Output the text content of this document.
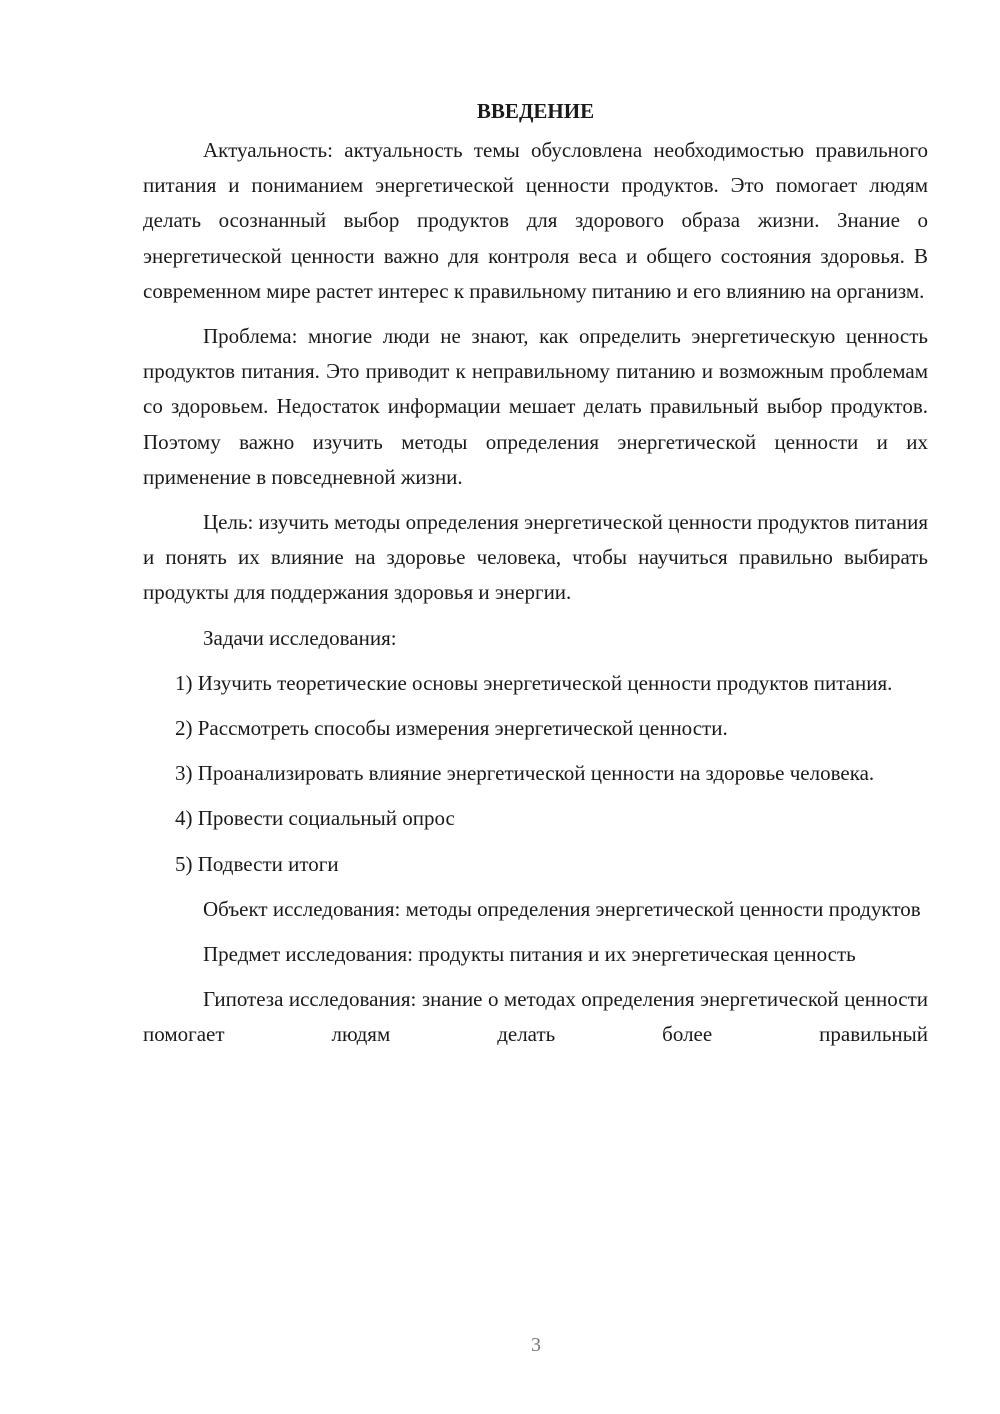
ВВЕДЕНИЕ

Актуальность: актуальность темы обусловлена необходимостью правильного питания и пониманием энергетической ценности продуктов. Это помогает людям делать осознанный выбор продуктов для здорового образа жизни. Знание о энергетической ценности важно для контроля веса и общего состояния здоровья. В современном мире растет интерес к правильному питанию и его влиянию на организм.

Проблема: многие люди не знают, как определить энергетическую ценность продуктов питания. Это приводит к неправильному питанию и возможным проблемам со здоровьем. Недостаток информации мешает делать правильный выбор продуктов. Поэтому важно изучить методы определения энергетической ценности и их применение в повседневной жизни.

Цель: изучить методы определения энергетической ценности продуктов питания и понять их влияние на здоровье человека, чтобы научиться правильно выбирать продукты для поддержания здоровья и энергии.

Задачи исследования:

1) Изучить теоретические основы энергетической ценности продуктов питания.

2) Рассмотреть способы измерения энергетической ценности.

3) Проанализировать влияние энергетической ценности на здоровье человека.

4) Провести социальный опрос

5) Подвести итоги

Объект исследования: методы определения энергетической ценности продуктов

Предмет исследования: продукты питания и их энергетическая ценность

Гипотеза исследования: знание о методах определения энергетической ценности помогает людям делать более правильный

3
